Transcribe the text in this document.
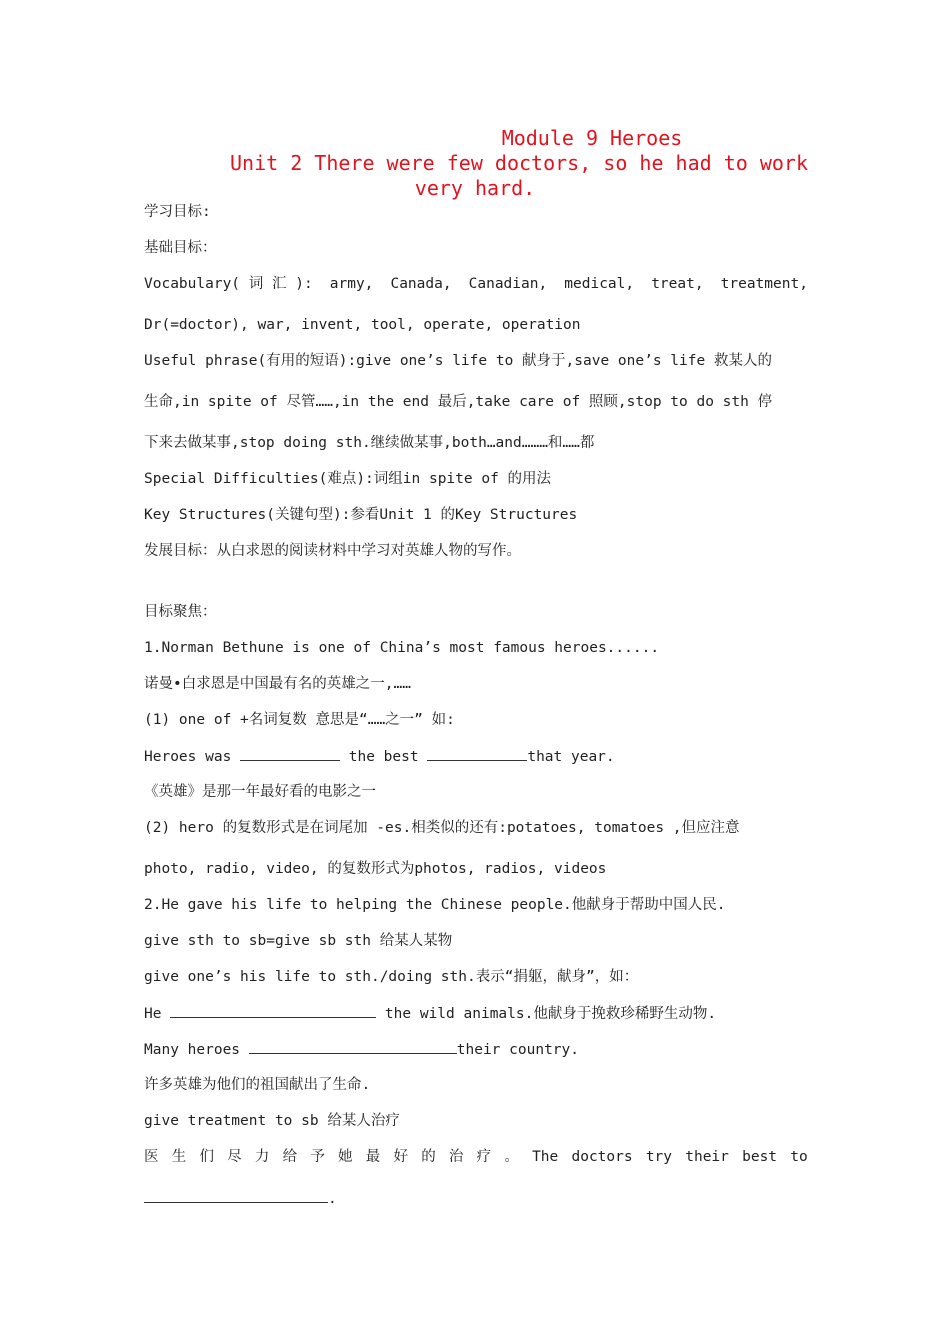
Module 9 Heroes
Unit 2 There were few doctors, so he had to work
very hard.
学习目标:
基础目标：
Vocabulary( 词 汇 ): army, Canada, Canadian, medical, treat, treatment,
Dr(=doctor), war, invent, tool, operate, operation
Useful phrase(有用的短语):give one’s life to 献身于,save one’s life 救某人的
生命,in spite of 尽管……,in the end 最后,take care of 照顾,stop to do sth 停
下来去做某事,stop doing sth.继续做某事,both…and………和……都
Special Difficulties(难点):词组in spite of 的用法
Key Structures(关键句型):参看Unit 1 的Key Structures
发展目标：从白求恩的阅读材料中学习对英雄人物的写作。
目标聚焦：
1.Norman Bethune is one of China’s most famous heroes......
诺曼•白求恩是中国最有名的英雄之一,……
(1) one of +名词复数 意思是“……之一” 如:
Heroes was	the best	that year.
《英雄》是那一年最好看的电影之一
(2) hero 的复数形式是在词尾加 -es.相类似的还有:potatoes, tomatoes ,但应注意
photo, radio, video, 的复数形式为photos, radios, videos
2.He gave his life to helping the Chinese people.他献身于帮助中国人民.
give sth to sb=give sb sth 给某人某物
give one’s his life to sth./doing sth.表示“捐躯，献身”，如：
He	the wild animals.他献身于挽救珍稀野生动物.
Many heroes	their country.
许多英雄为他们的祖国献出了生命.
give treatment to sb 给某人治疗
医 生 们 尽 力 给 予 她 最 好 的 治 疗 。 The doctors try their best to
.
